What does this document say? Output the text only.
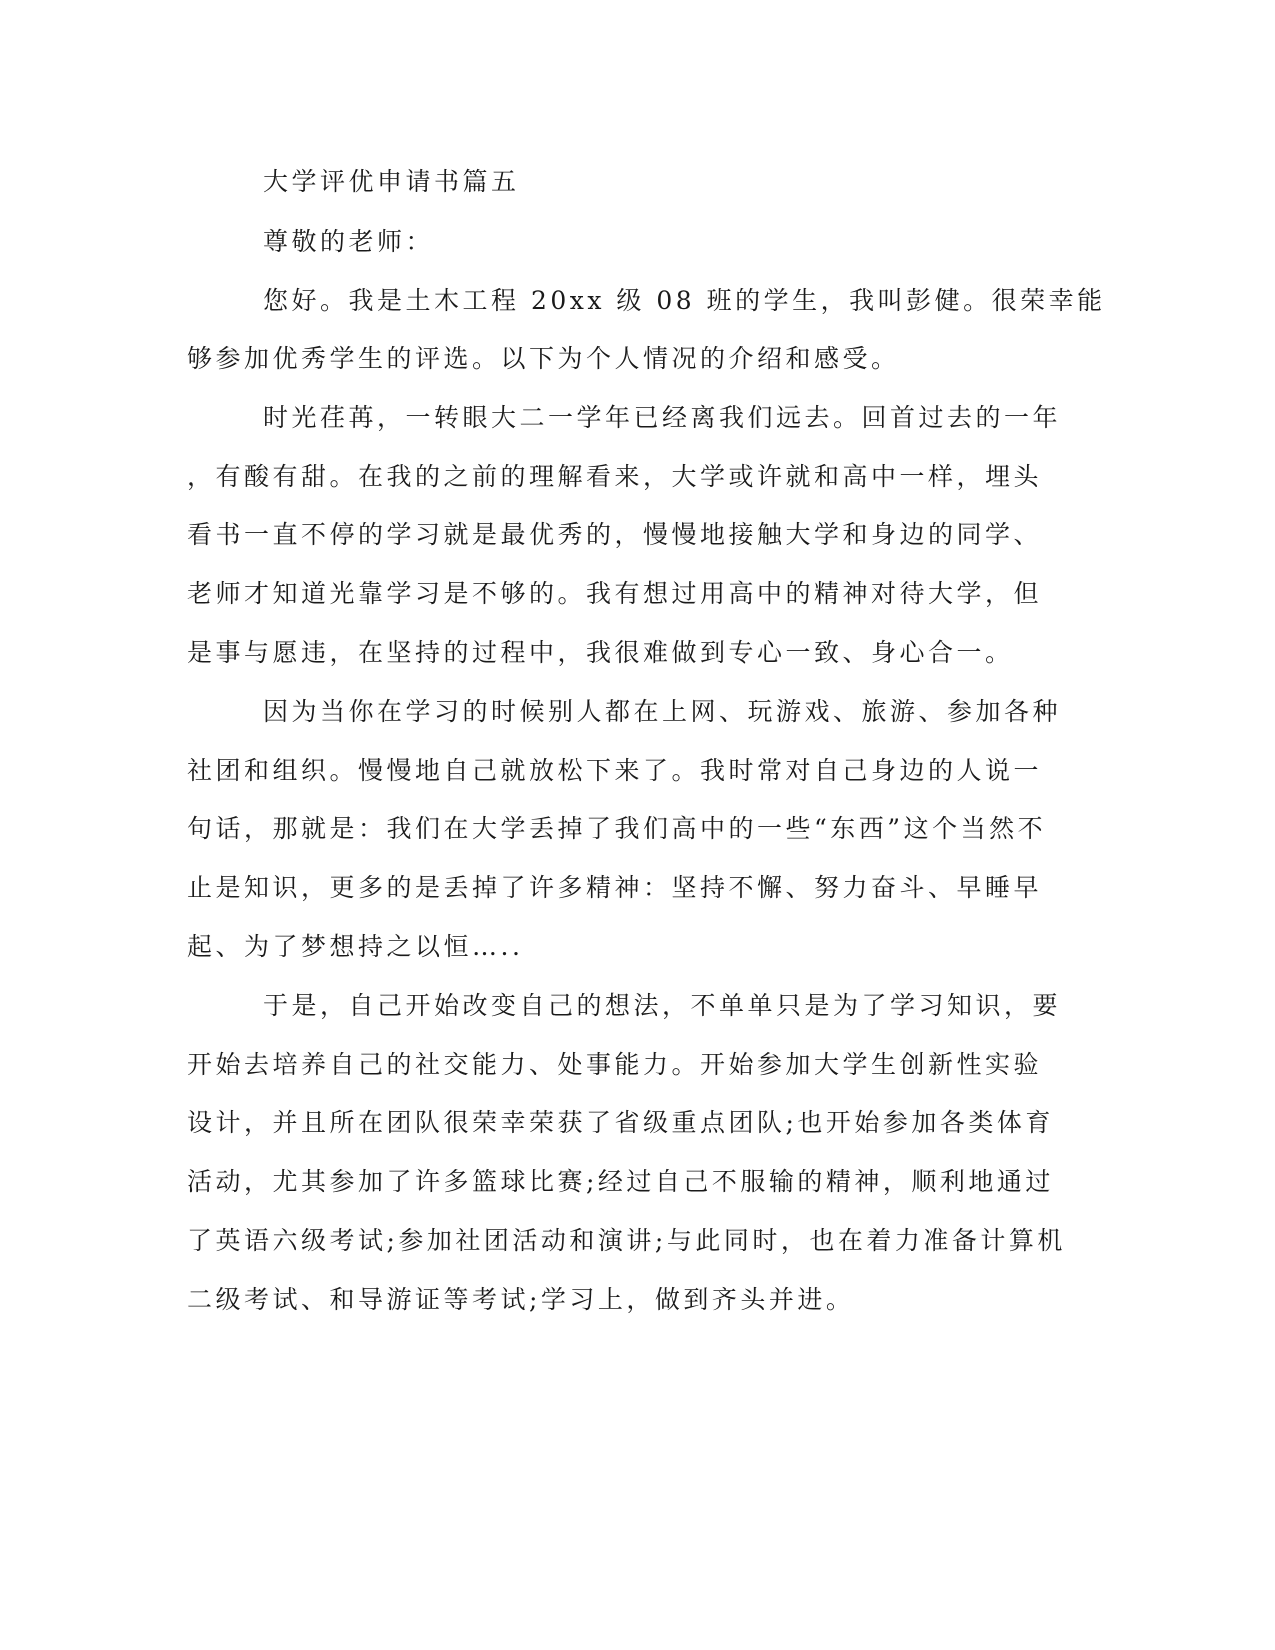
大学评优申请书篇五
尊敬的老师：
您好。我是土木工程 20xx 级 08 班的学生，我叫彭健。很荣幸能
够参加优秀学生的评选。以下为个人情况的介绍和感受。
时光荏苒，一转眼大二一学年已经离我们远去。回首过去的一年
，有酸有甜。在我的之前的理解看来，大学或许就和高中一样，埋头
看书一直不停的学习就是最优秀的，慢慢地接触大学和身边的同学、
老师才知道光靠学习是不够的。我有想过用高中的精神对待大学，但
是事与愿违，在坚持的过程中，我很难做到专心一致、身心合一。
因为当你在学习的时候别人都在上网、玩游戏、旅游、参加各种
社团和组织。慢慢地自己就放松下来了。我时常对自己身边的人说一
句话，那就是：我们在大学丢掉了我们高中的一些“东西”这个当然不
止是知识，更多的是丢掉了许多精神：坚持不懈、努力奋斗、早睡早
起、为了梦想持之以恒…..
于是，自己开始改变自己的想法，不单单只是为了学习知识，要
开始去培养自己的社交能力、处事能力。开始参加大学生创新性实验
设计，并且所在团队很荣幸荣获了省级重点团队;也开始参加各类体育
活动，尤其参加了许多篮球比赛;经过自己不服输的精神，顺利地通过
了英语六级考试;参加社团活动和演讲;与此同时，也在着力准备计算机
二级考试、和导游证等考试;学习上，做到齐头并进。
